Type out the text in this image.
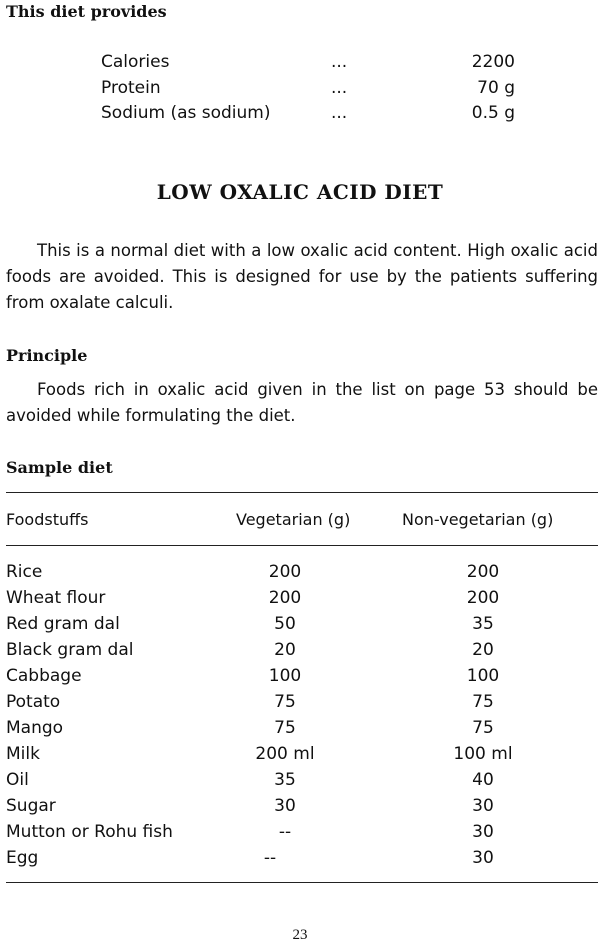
This diet provides
Calories	...	2200
Protein	...	70 g
Sodium (as sodium)	...	0.5 g
LOW OXALIC ACID DIET
This is a normal diet with a low oxalic acid content. High oxalic acid foods are avoided. This is designed for use by the patients suffering from oxalate calculi.
Principle
Foods rich in oxalic acid given in the list on page 53 should be avoided while formulating the diet.
Sample diet
Foodstuffs	Vegetarian (g)	Non-vegetarian (g)
Rice	200	200
Wheat flour	200	200
Red gram dal	50	35
Black gram dal	20	20
Cabbage	100	100
Potato	75	75
Mango	75	75
Milk	200 ml	100 ml
Oil	35	40
Sugar	30	30
Mutton or Rohu fish	--	30
Egg	--	30
23
